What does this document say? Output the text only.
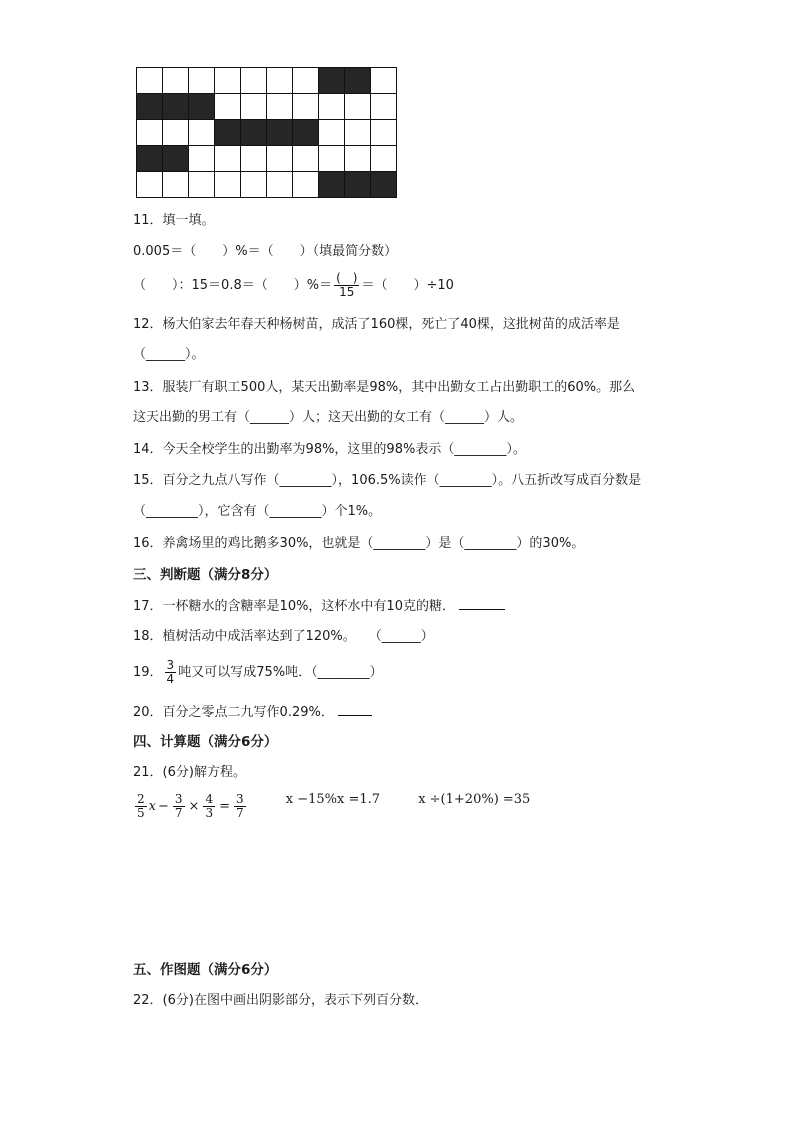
11．填一填。
0.005＝（　　）%＝（　　）（填最简分数）
（　　）：15＝0.8＝（　　）%＝ $\frac{( )}{15}$ ＝（　　）÷10
12．杨大伯家去年春天种杨树苗，成活了160棵，死亡了40棵，这批树苗的成活率是
（______）。
13．服装厂有职工500人，某天出勤率是98%，其中出勤女工占出勤职工的60%。那么
这天出勤的男工有（______）人；这天出勤的女工有（______）人。
14．今天全校学生的出勤率为98%，这里的98%表示（________）。
15．百分之九点八写作（________），106.5%读作（________）。八五折改写成百分数是
（________），它含有（________）个1%。
16．养禽场里的鸡比鹅多30%，也就是（________）是（________）的30%。
三、判断题（满分8分）
17．一杯糖水的含糖率是10%，这杯水中有10克的糖．
18．植树活动中成活率达到了120%。　　（______）
19． $\frac{3}{4}$ 吨又可以写成75%吨．（________）
20．百分之零点二九写作0.29%．
四、计算题（满分6分）
21．(6分)解方程。
$\frac{2}{5}$ $x - \frac{3}{7} \times \frac{4}{3} = \frac{3}{7}$	x −15%x =1.7	x ÷(1+20%) =35
五、作图题（满分6分）
22．(6分)在图中画出阴影部分，表示下列百分数．
